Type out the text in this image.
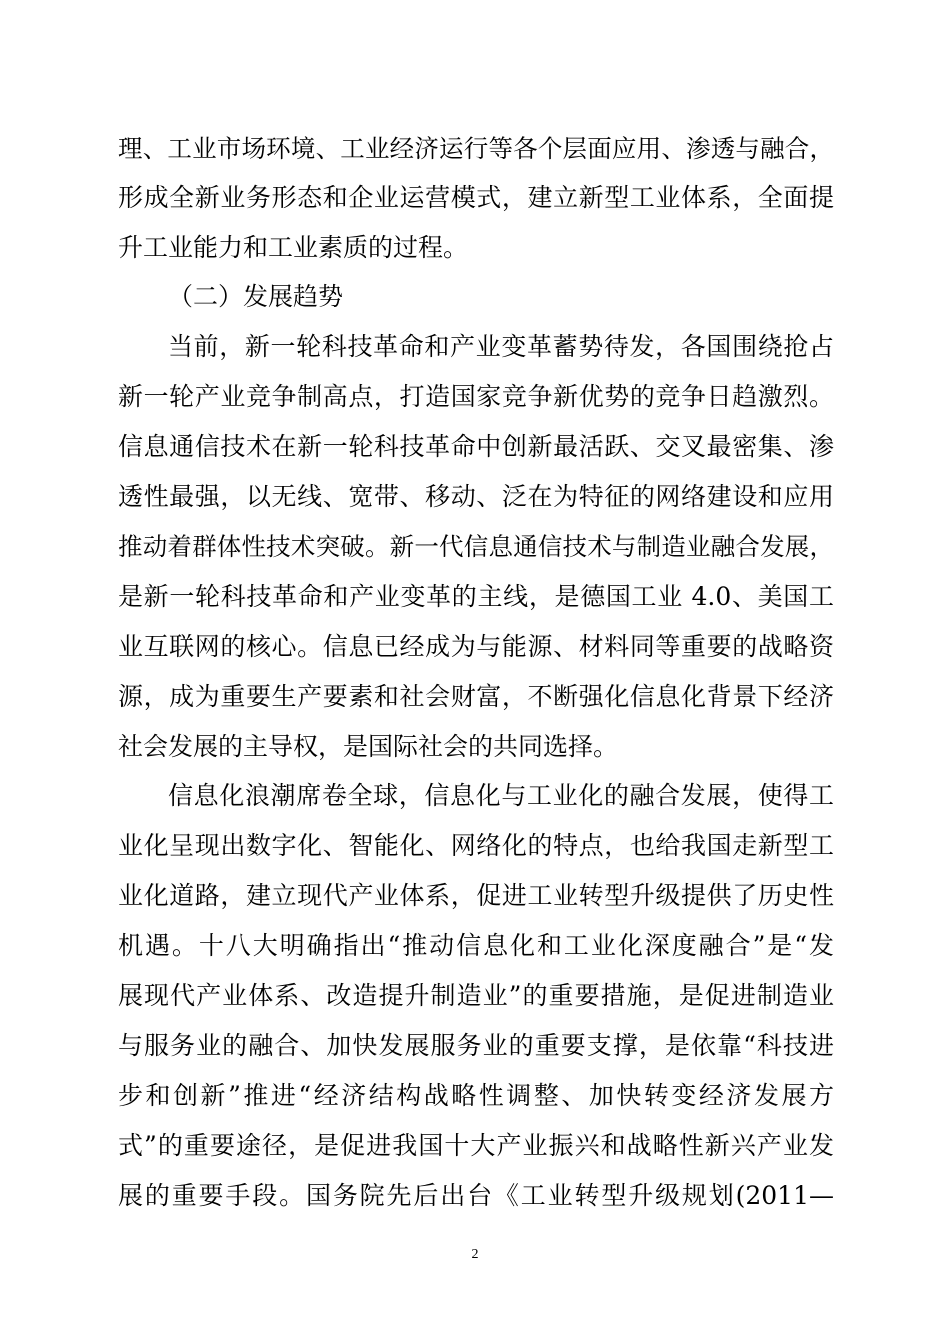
理、工业市场环境、工业经济运行等各个层面应用、渗透与融合，
形成全新业务形态和企业运营模式，建立新型工业体系，全面提
升工业能力和工业素质的过程。
（二）发展趋势
当前，新一轮科技革命和产业变革蓄势待发，各国围绕抢占
新一轮产业竞争制高点，打造国家竞争新优势的竞争日趋激烈。
信息通信技术在新一轮科技革命中创新最活跃、交叉最密集、渗
透性最强，以无线、宽带、移动、泛在为特征的网络建设和应用
推动着群体性技术突破。新一代信息通信技术与制造业融合发展，
是新一轮科技革命和产业变革的主线，是德国工业 4.0、美国工
业互联网的核心。信息已经成为与能源、材料同等重要的战略资
源，成为重要生产要素和社会财富，不断强化信息化背景下经济
社会发展的主导权，是国际社会的共同选择。
信息化浪潮席卷全球，信息化与工业化的融合发展，使得工
业化呈现出数字化、智能化、网络化的特点，也给我国走新型工
业化道路，建立现代产业体系，促进工业转型升级提供了历史性
机遇。十八大明确指出“推动信息化和工业化深度融合”是“发
展现代产业体系、改造提升制造业”的重要措施，是促进制造业
与服务业的融合、加快发展服务业的重要支撑，是依靠“科技进
步和创新”推进“经济结构战略性调整、加快转变经济发展方
式”的重要途径，是促进我国十大产业振兴和战略性新兴产业发
展的重要手段。国务院先后出台《工业转型升级规划(2011—
2
